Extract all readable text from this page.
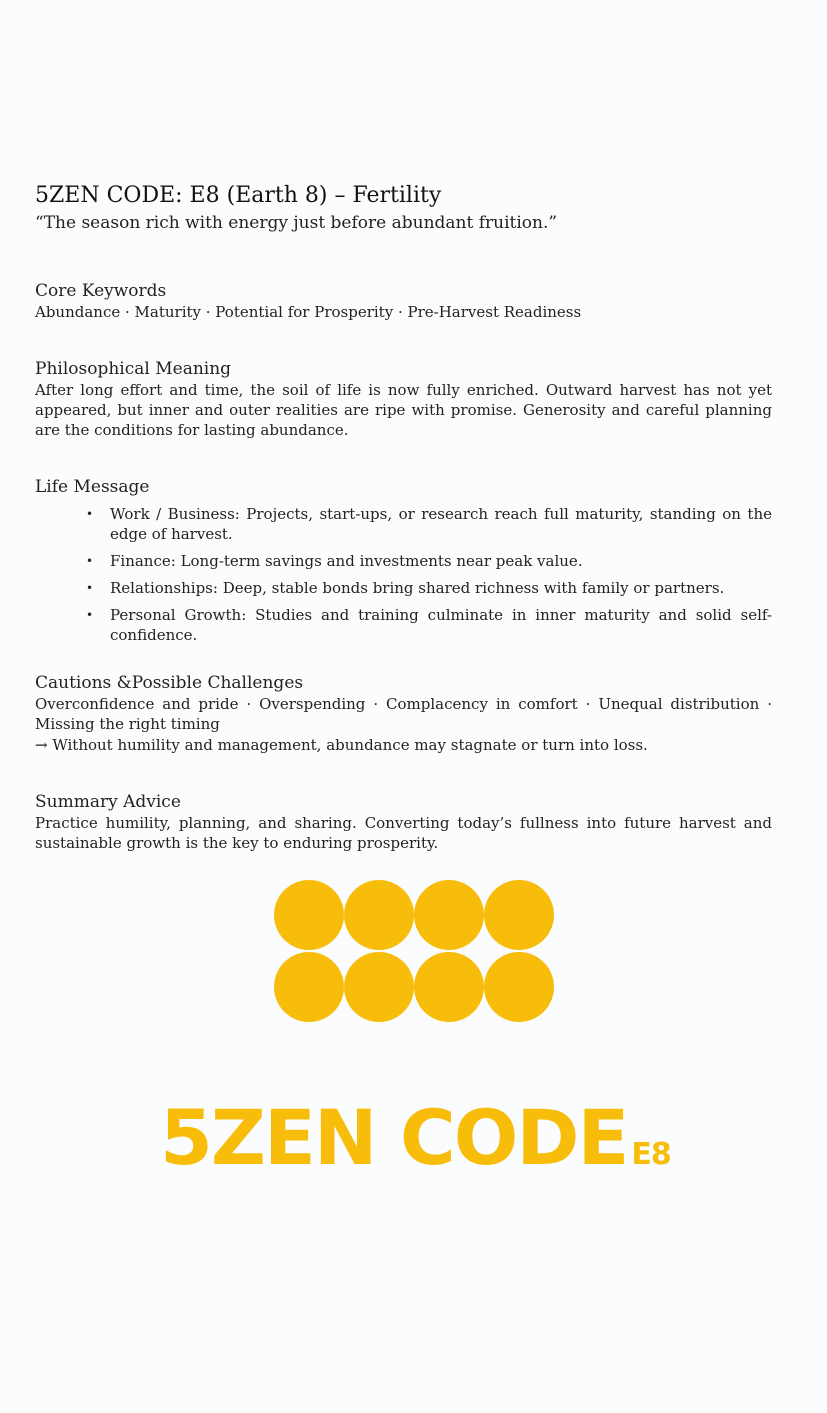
5ZEN CODE: E8 (Earth 8) – Fertility

“The season rich with energy just before abundant fruition.”

Core Keywords

Abundance · Maturity · Potential for Prosperity · Pre-Harvest Readiness

Philosophical Meaning

After long effort and time, the soil of life is now fully enriched. Outward harvest has not yet appeared, but inner and outer realities are ripe with promise. Generosity and careful planning are the conditions for lasting abundance.

Life Message
• Work / Business: Projects, start-ups, or research reach full maturity, standing on the edge of harvest.
• Finance: Long-term savings and investments near peak value.
• Relationships: Deep, stable bonds bring shared richness with family or partners.
• Personal Growth: Studies and training culminate in inner maturity and solid self-confidence.
Cautions &Possible Challenges

Overconfidence and pride · Overspending · Complacency in comfort · Unequal distribution · Missing the right timing

→ Without humility and management, abundance may stagnate or turn into loss.

Summary Advice

Practice humility, planning, and sharing. Converting today’s fullness into future harvest and sustainable growth is the key to enduring prosperity.

5ZEN CODE E8
